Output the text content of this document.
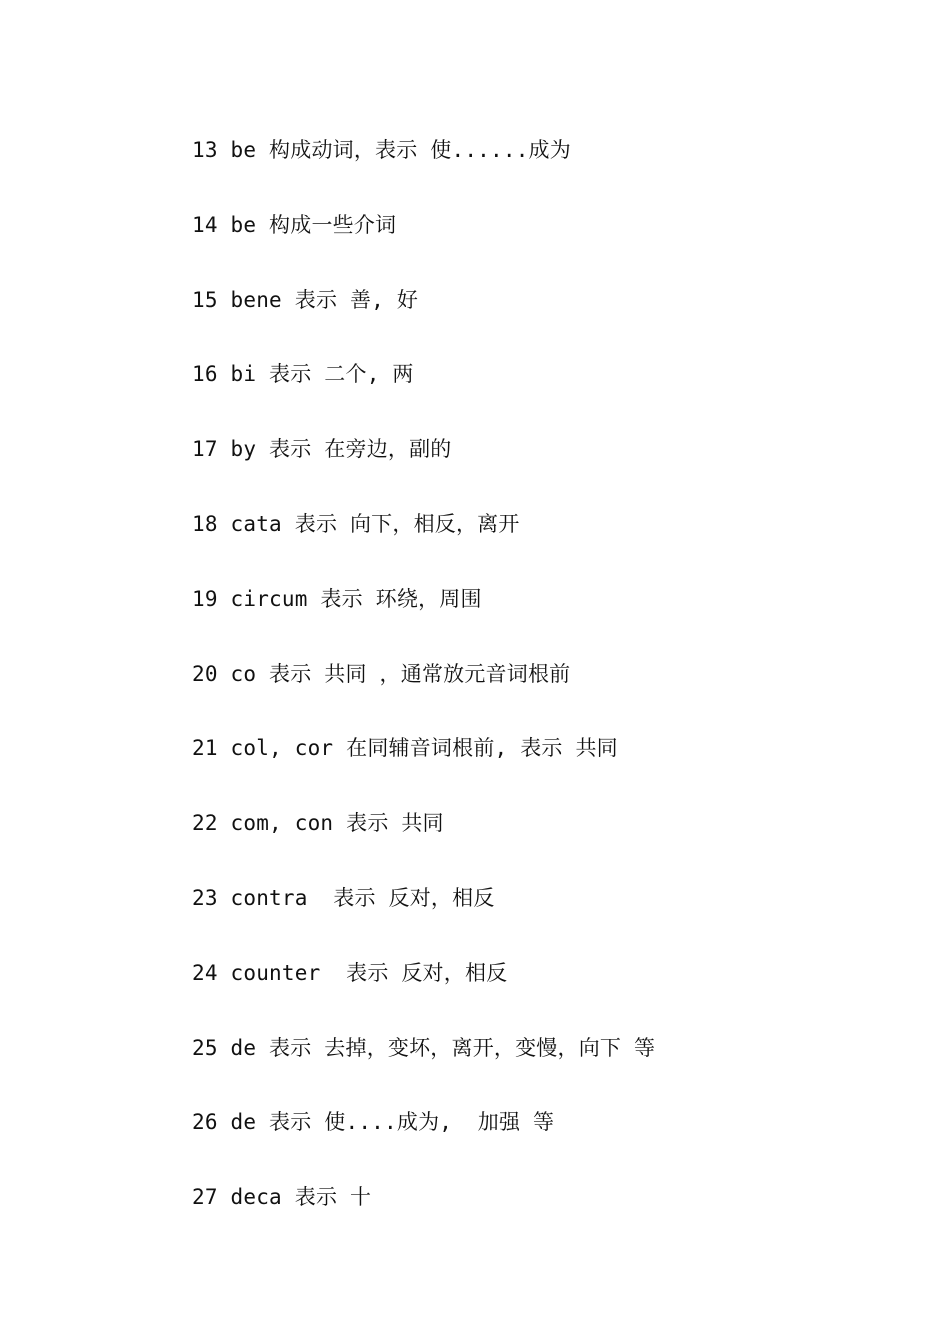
13 be 构成动词，表示 使......成为
14 be 构成一些介词
15 bene 表示 善, 好
16 bi 表示 二个, 两
17 by 表示 在旁边，副的
18 cata 表示 向下，相反，离开
19 circum 表示 环绕，周围
20 co 表示 共同 ，通常放元音词根前
21 col, cor 在同辅音词根前, 表示 共同
22 com, con 表示 共同
23 contra  表示 反对，相反
24 counter  表示 反对，相反
25 de 表示 去掉，变坏，离开，变慢，向下 等
26 de 表示 使....成为,  加强 等
27 deca 表示 十
